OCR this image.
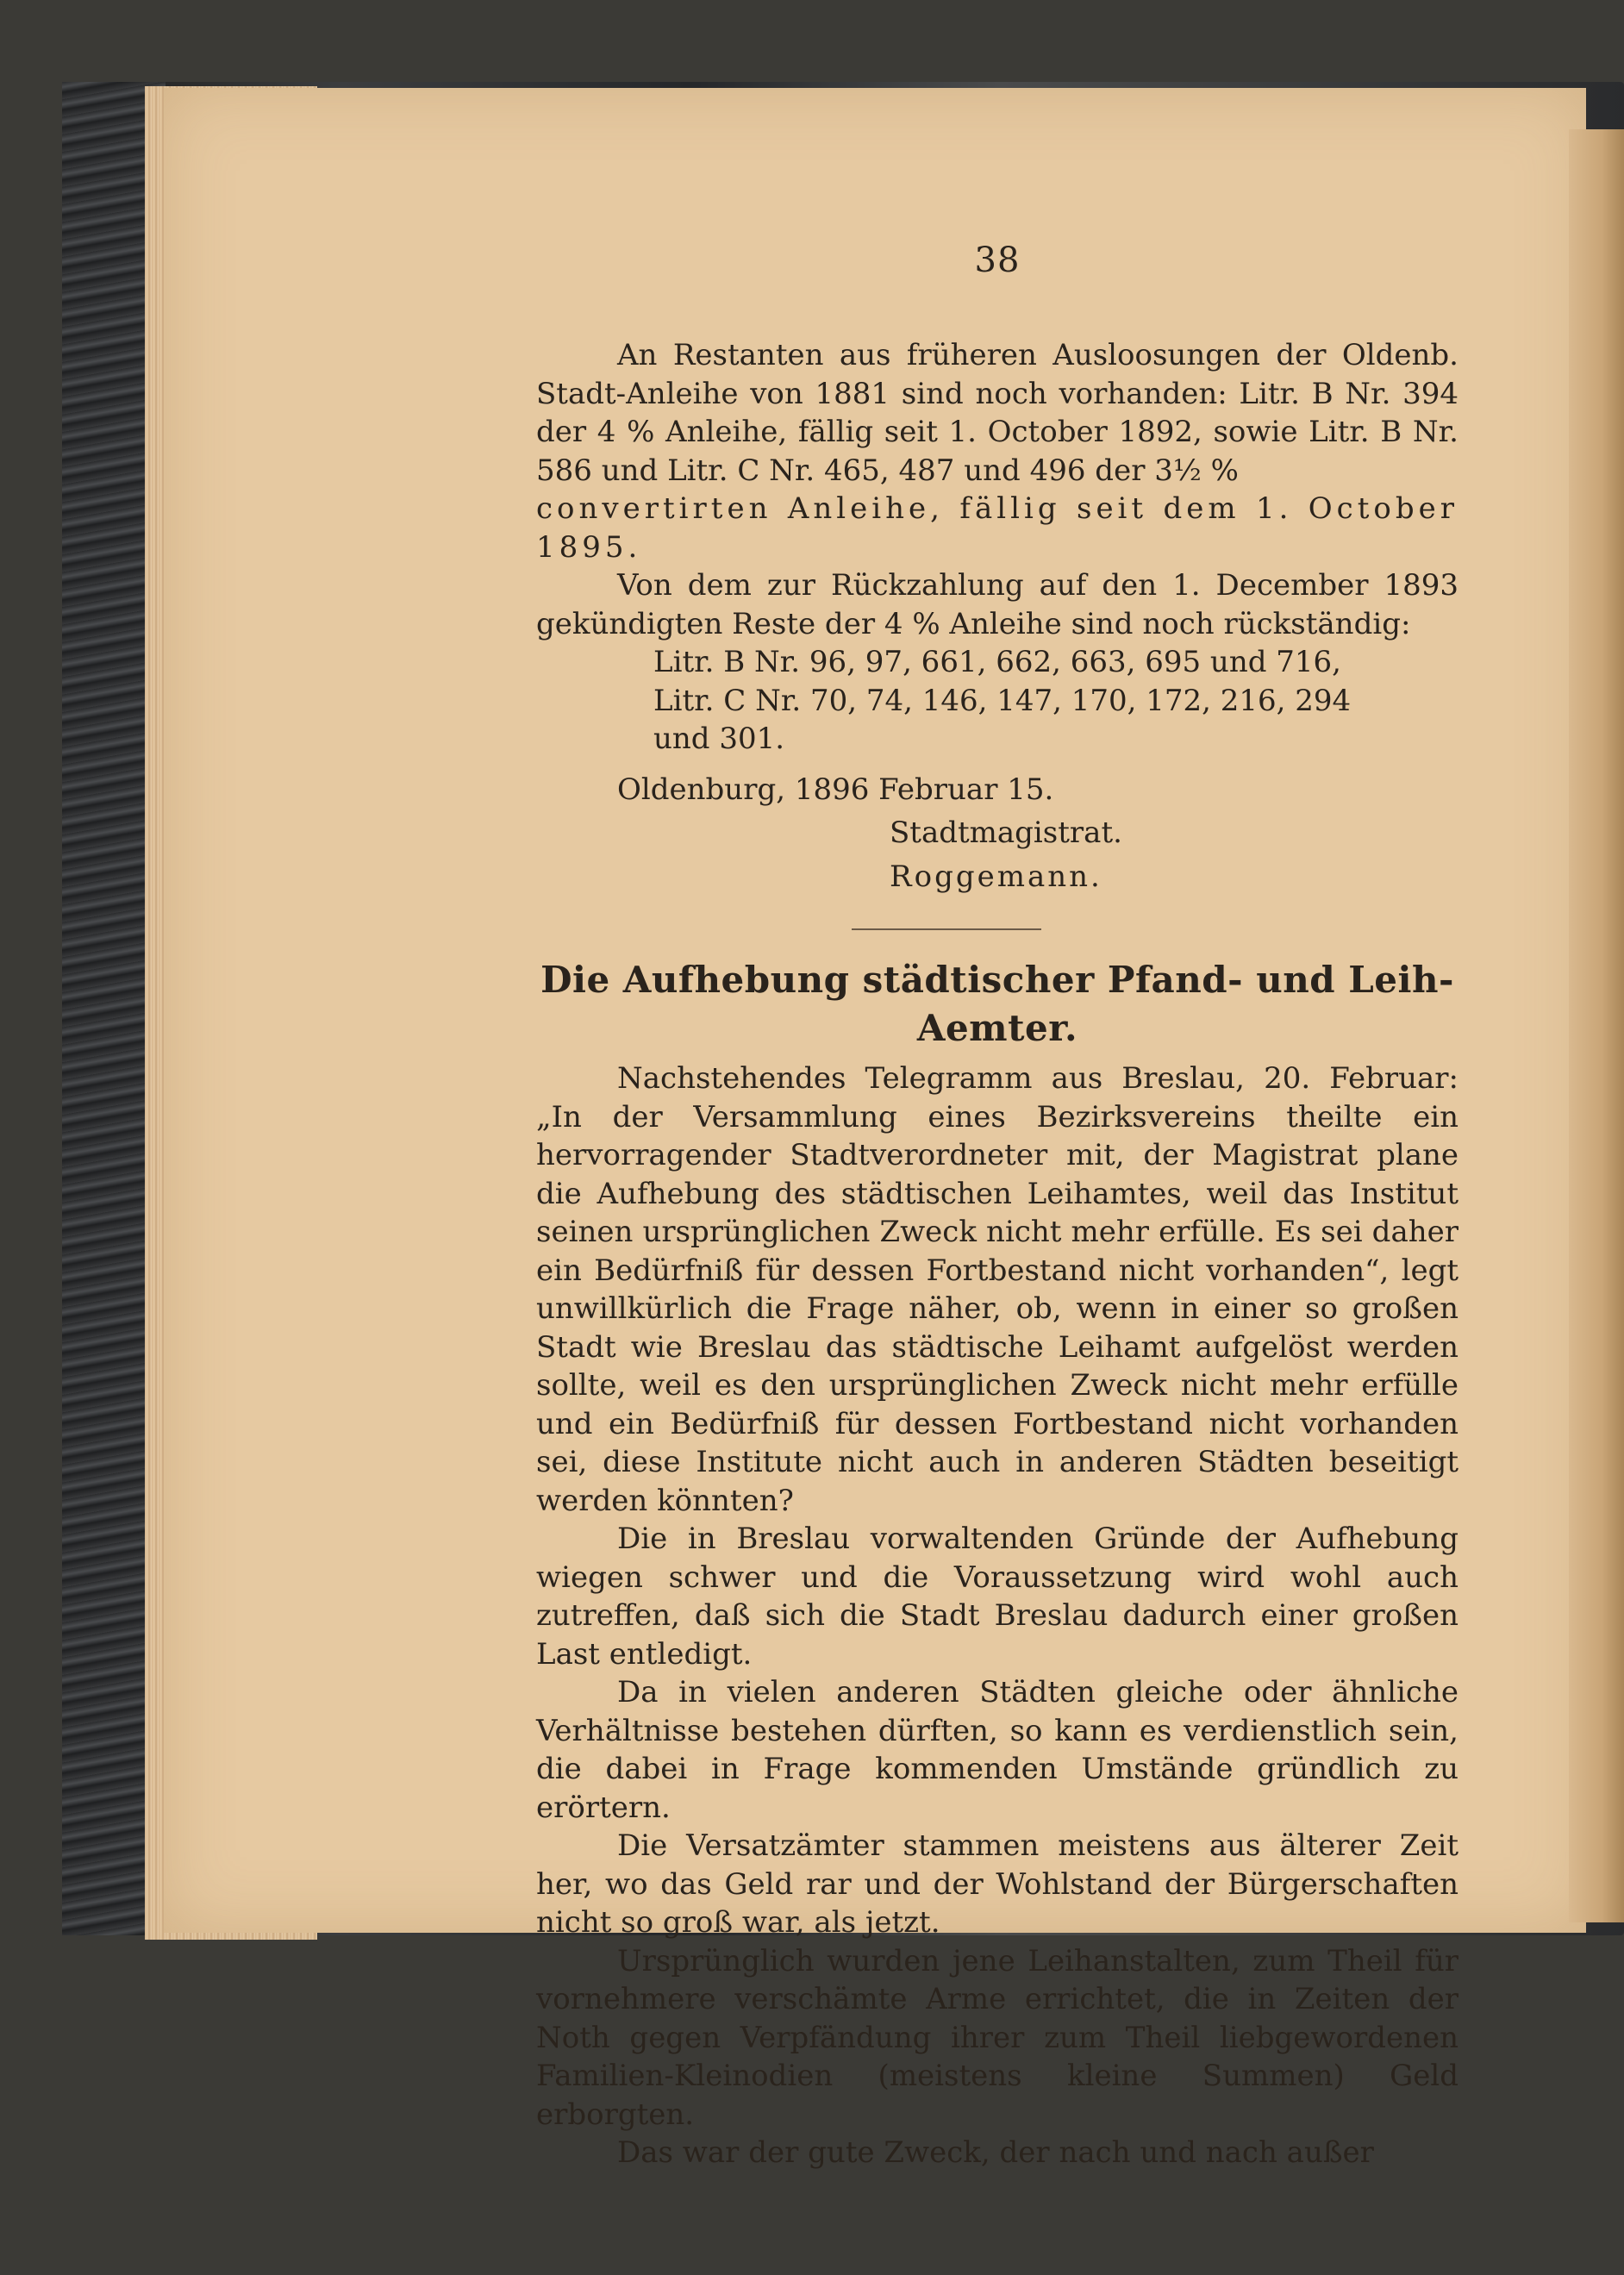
38

An Restanten aus früheren Ausloosungen der Oldenb. Stadt-Anleihe von 1881 sind noch vorhanden: Litr. B Nr. 394 der 4 % Anleihe, fällig seit 1. October 1892, sowie Litr. B Nr. 586 und Litr. C Nr. 465, 487 und 496 der 3½ %

convertirten Anleihe, fällig seit dem 1. October 1895.

Von dem zur Rückzahlung auf den 1. December 1893 gekündigten Reste der 4 % Anleihe sind noch rückständig:

Litr. B Nr. 96, 97, 661, 662, 663, 695 und 716,

Litr. C Nr. 70, 74, 146, 147, 170, 172, 216, 294

und 301.

Oldenburg, 1896 Februar 15.

Stadtmagistrat.

Roggemann.

Die Aufhebung städtischer Pfand- und Leih-Aemter.

Nachstehendes Telegramm aus Breslau, 20. Februar: „In der Versammlung eines Bezirksvereins theilte ein hervorragender Stadtverordneter mit, der Magistrat plane die Aufhebung des städtischen Leihamtes, weil das Institut seinen ursprünglichen Zweck nicht mehr erfülle. Es sei daher ein Bedürfniß für dessen Fortbestand nicht vorhanden“, legt unwillkürlich die Frage näher, ob, wenn in einer so großen Stadt wie Breslau das städtische Leihamt aufgelöst werden sollte, weil es den ursprünglichen Zweck nicht mehr erfülle und ein Bedürfniß für dessen Fortbestand nicht vorhanden sei, diese Institute nicht auch in anderen Städten beseitigt werden könnten?

Die in Breslau vorwaltenden Gründe der Aufhebung wiegen schwer und die Voraussetzung wird wohl auch zutreffen, daß sich die Stadt Breslau dadurch einer großen Last entledigt.

Da in vielen anderen Städten gleiche oder ähnliche Verhältnisse bestehen dürften, so kann es verdienstlich sein, die dabei in Frage kommenden Umstände gründlich zu erörtern.

Die Versatzämter stammen meistens aus älterer Zeit her, wo das Geld rar und der Wohlstand der Bürgerschaften nicht so groß war, als jetzt.

Ursprünglich wurden jene Leihanstalten, zum Theil für vornehmere verschämte Arme errichtet, die in Zeiten der Noth gegen Verpfändung ihrer zum Theil liebgewordenen Familien-Kleinodien (meistens kleine Summen) Geld erborgten.

Das war der gute Zweck, der nach und nach außer
